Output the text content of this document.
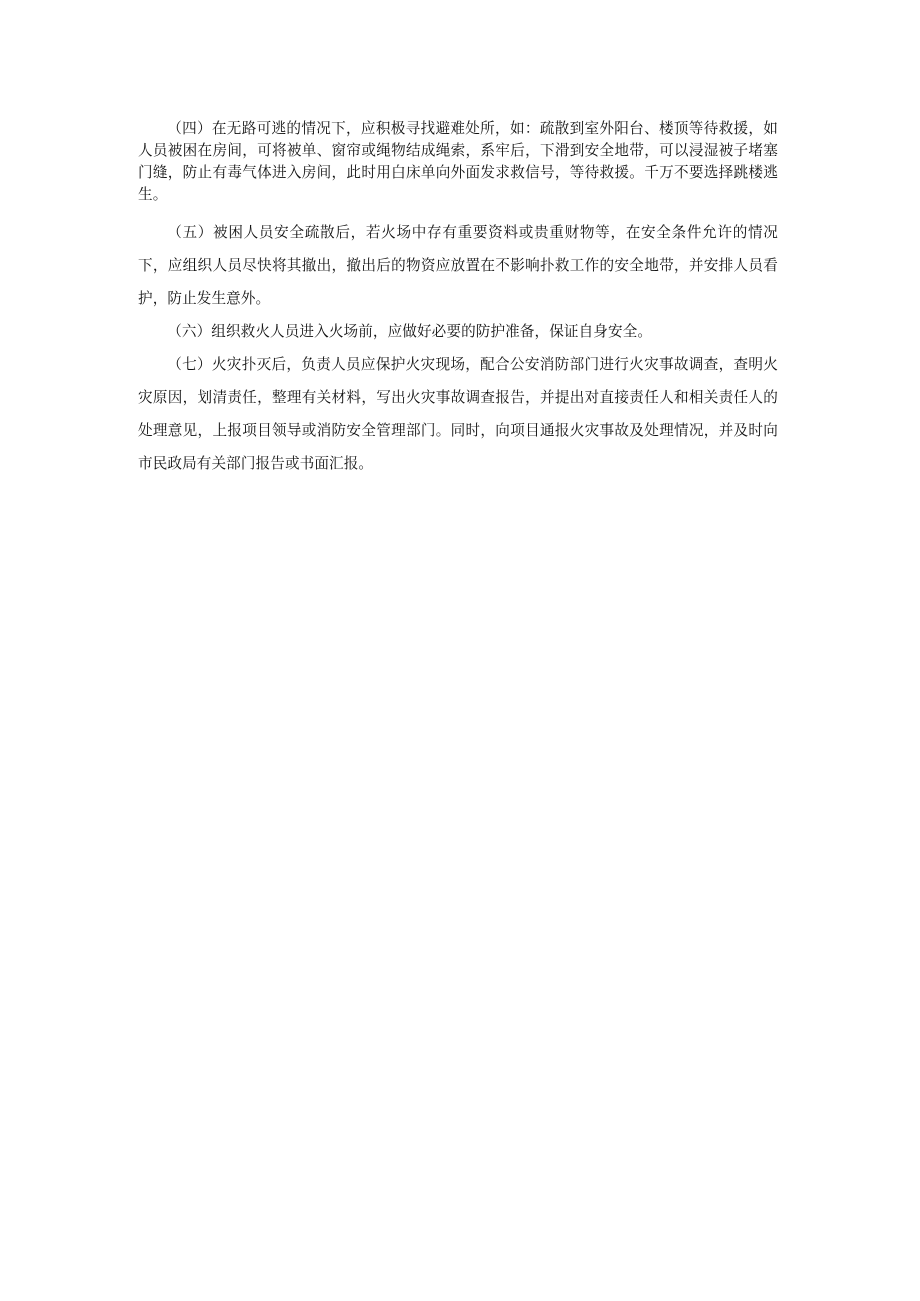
（四）在无路可逃的情况下，应积极寻找避难处所，如：疏散到室外阳台、楼顶等待救援，如人员被困在房间，可将被单、窗帘或绳物结成绳索，系牢后，下滑到安全地带，可以浸湿被子堵塞门缝，防止有毒气体进入房间，此时用白床单向外面发求救信号，等待救援。千万不要选择跳楼逃生。

（五）被困人员安全疏散后，若火场中存有重要资料或贵重财物等，在安全条件允许的情况下，应组织人员尽快将其撤出，撤出后的物资应放置在不影响扑救工作的安全地带，并安排人员看护，防止发生意外。

（六）组织救火人员进入火场前，应做好必要的防护准备，保证自身安全。

（七）火灾扑灭后，负责人员应保护火灾现场，配合公安消防部门进行火灾事故调查，查明火灾原因，划清责任，整理有关材料，写出火灾事故调查报告，并提出对直接责任人和相关责任人的处理意见，上报项目领导或消防安全管理部门。同时，向项目通报火灾事故及处理情况，并及时向市民政局有关部门报告或书面汇报。
